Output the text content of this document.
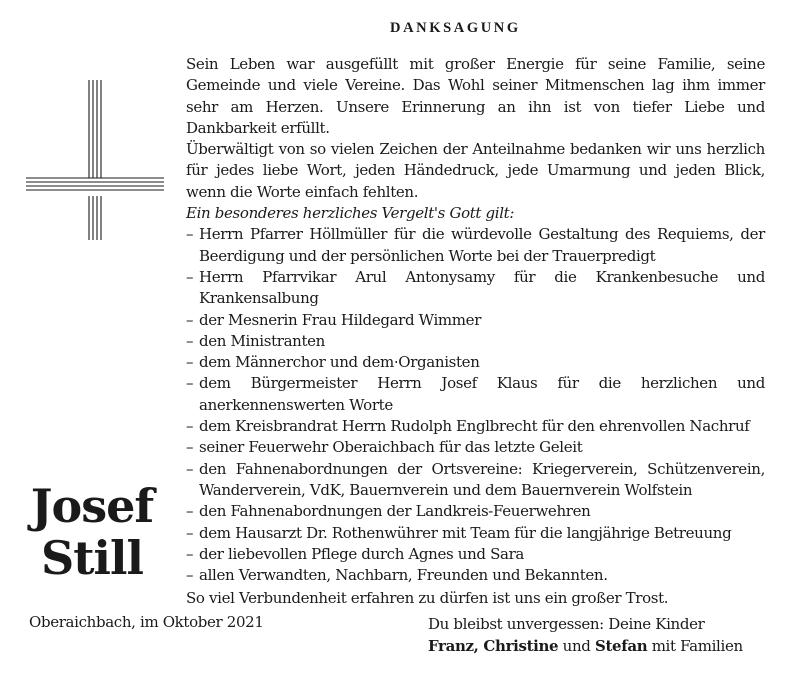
DANKSAGUNG
Josef
Still

Sein Leben war ausgefüllt mit großer Energie für seine Familie, seine Gemeinde und viele Vereine. Das Wohl seiner Mitmenschen lag ihm immer sehr am Herzen. Unsere Erinnerung an ihn ist von tiefer Liebe und Dankbarkeit erfüllt.

Überwältigt von so vielen Zeichen der Anteilnahme bedanken wir uns herzlich für jedes liebe Wort, jeden Händedruck, jede Umarmung und jeden Blick, wenn die Worte einfach fehlten.

Ein besonderes herzliches Vergelt's Gott gilt:

– Herrn Pfarrer Höllmüller für die würdevolle Gestaltung des Requiems, der Beerdigung und der persönlichen Worte bei der Trauerpredigt
– Herrn Pfarrvikar Arul Antonysamy für die Krankenbesuche und Krankensalbung
– der Mesnerin Frau Hildegard Wimmer
– den Ministranten
– dem Männerchor und dem·Organisten
– dem Bürgermeister Herrn Josef Klaus für die herzlichen und anerkennenswerten Worte
– dem Kreisbrandrat Herrn Rudolph Englbrecht für den ehrenvollen Nachruf
– seiner Feuerwehr Oberaichbach für das letzte Geleit
– den Fahnenabordnungen der Ortsvereine: Kriegerverein, Schützenverein, Wanderverein, VdK, Bauernverein und dem Bauernverein Wolfstein
– den Fahnenabordnungen der Landkreis-Feuerwehren
– dem Hausarzt Dr. Rothenwührer mit Team für die langjährige Betreuung
– der liebevollen Pflege durch Agnes und Sara
– allen Verwandten, Nachbarn, Freunden und Bekannten.

So viel Verbundenheit erfahren zu dürfen ist uns ein großer Trost.

Oberaichbach, im Oktober 2021	Du bleibst unvergessen: Deine Kinder

Franz, Christine und Stefan mit Familien
